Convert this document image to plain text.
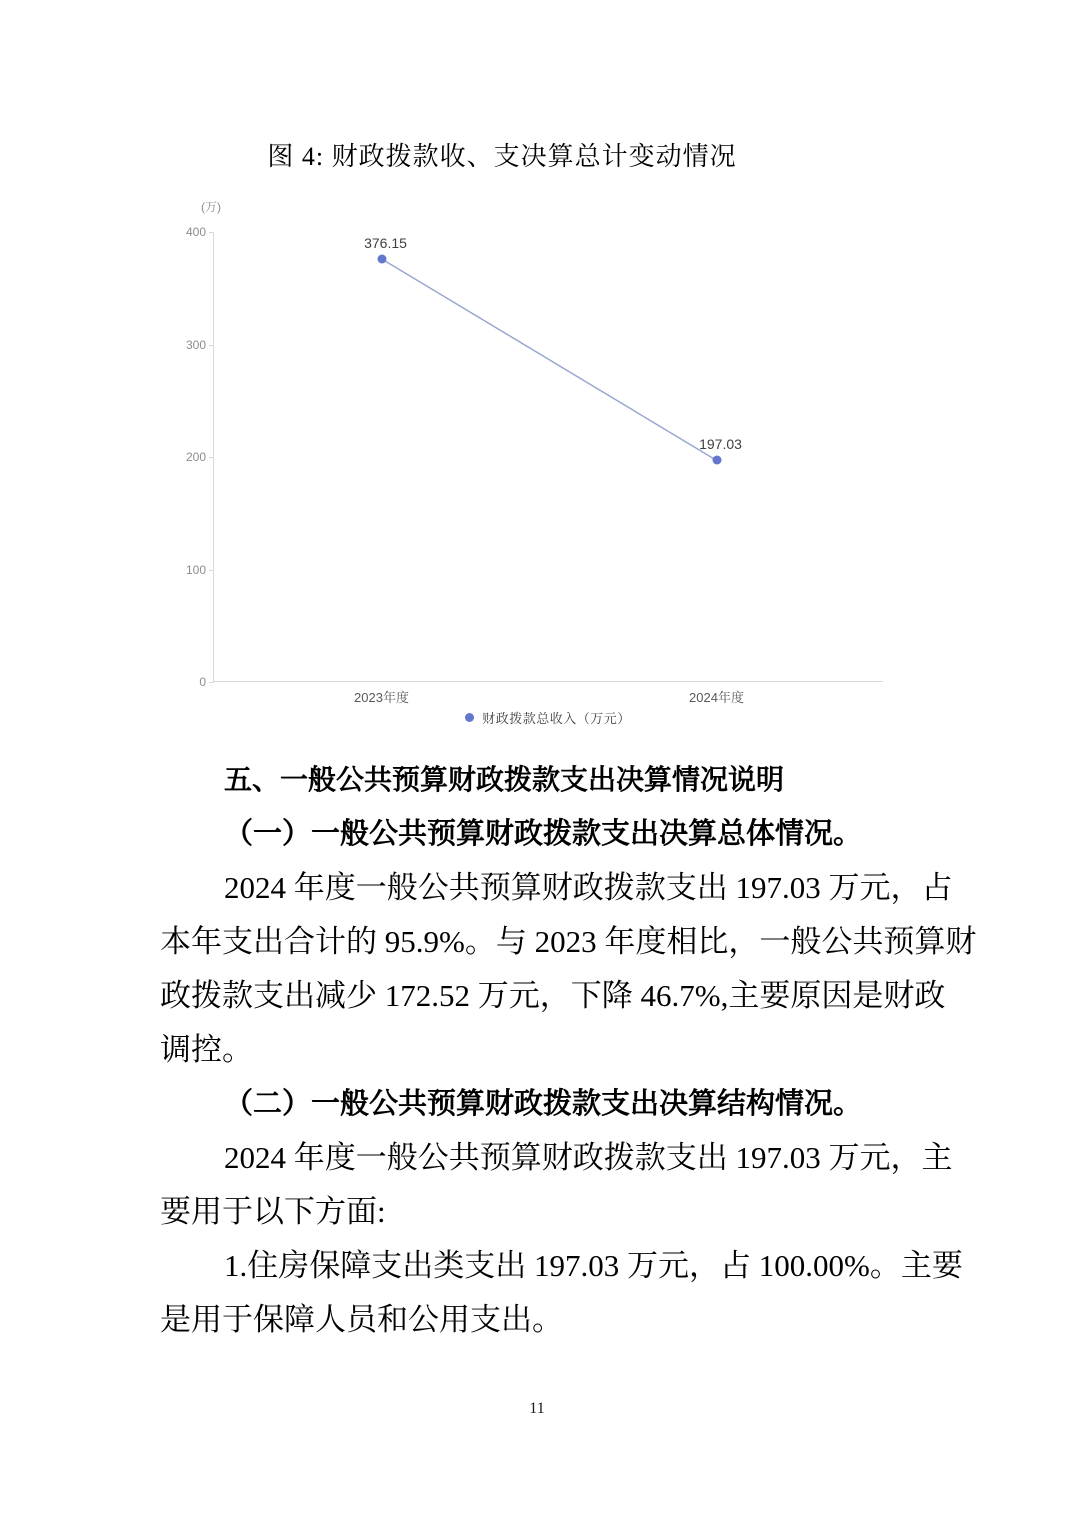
图 4: 财政拨款收、支决算总计变动情况
(万)
0
100
200
300
400
2023年度	2024年度
376.15
197.03
财政拨款总收入（万元）
五、一般公共预算财政拨款支出决算情况说明
（一）一般公共预算财政拨款支出决算总体情况。
2024 年度一般公共预算财政拨款支出 197.03 万元，占
本年支出合计的 95.9%。与 2023 年度相比，一般公共预算财
政拨款支出减少 172.52 万元，下降 46.7%,主要原因是财政
调控。
（二）一般公共预算财政拨款支出决算结构情况。
2024 年度一般公共预算财政拨款支出 197.03 万元，主
要用于以下方面:
1.住房保障支出类支出 197.03 万元，占 100.00%。主要
是用于保障人员和公用支出。
11
